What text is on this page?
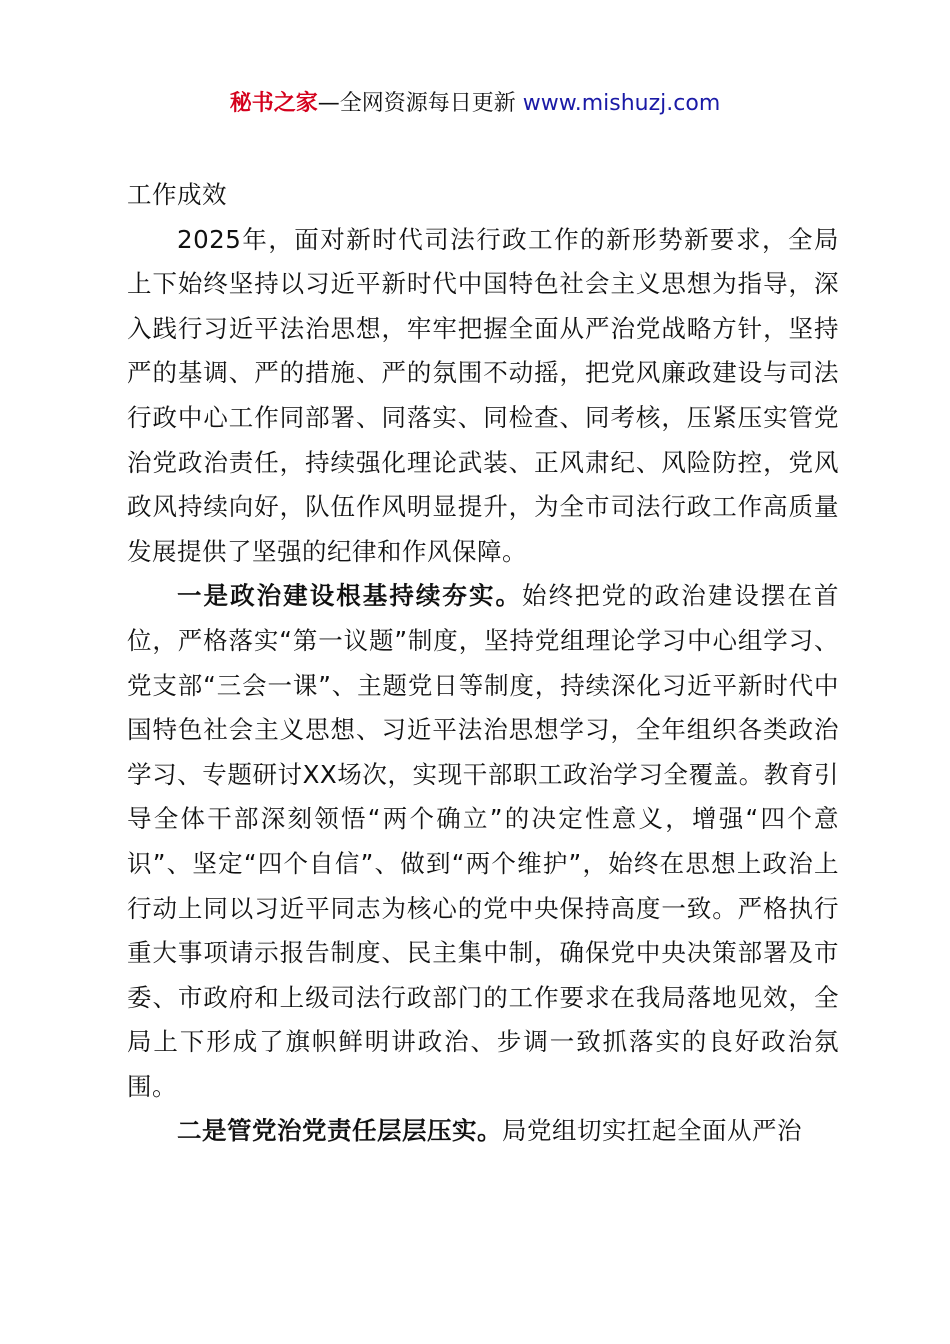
秘书之家—全网资源每日更新 www.mishuzj.com

工作成效

2025年，面对新时代司法行政工作的新形势新要求，全局上下始终坚持以习近平新时代中国特色社会主义思想为指导，深入践行习近平法治思想，牢牢把握全面从严治党战略方针，坚持严的基调、严的措施、严的氛围不动摇，把党风廉政建设与司法行政中心工作同部署、同落实、同检查、同考核，压紧压实管党治党政治责任，持续强化理论武装、正风肃纪、风险防控，党风政风持续向好，队伍作风明显提升，为全市司法行政工作高质量发展提供了坚强的纪律和作风保障。

一是政治建设根基持续夯实。始终把党的政治建设摆在首位，严格落实“第一议题”制度，坚持党组理论学习中心组学习、党支部“三会一课”、主题党日等制度，持续深化习近平新时代中国特色社会主义思想、习近平法治思想学习，全年组织各类政治学习、专题研讨XX场次，实现干部职工政治学习全覆盖。教育引导全体干部深刻领悟“两个确立”的决定性意义，增强“四个意识”、坚定“四个自信”、做到“两个维护”，始终在思想上政治上行动上同以习近平同志为核心的党中央保持高度一致。严格执行重大事项请示报告制度、民主集中制，确保党中央决策部署及市委、市政府和上级司法行政部门的工作要求在我局落地见效，全局上下形成了旗帜鲜明讲政治、步调一致抓落实的良好政治氛围。

二是管党治党责任层层压实。局党组切实扛起全面从严治
